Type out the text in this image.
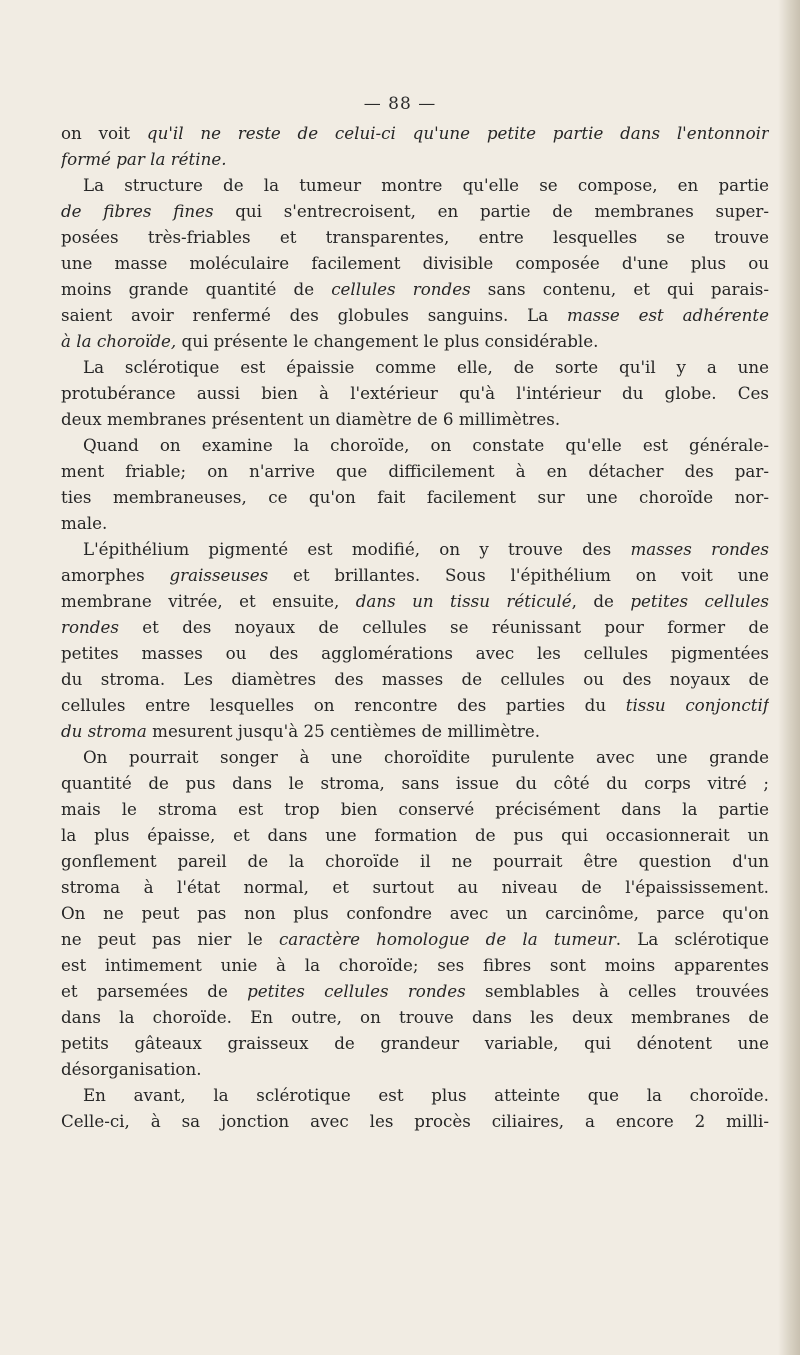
— 88 —
on voit qu'il ne reste de celui-ci qu'une petite partie dans l'entonnoir
formé par la rétine.
La structure de la tumeur montre qu'elle se compose, en partie
de fibres fines qui s'entrecroisent, en partie de membranes super-
posées très-friables et transparentes, entre lesquelles se trouve
une masse moléculaire facilement divisible composée d'une plus ou
moins grande quantité de cellules rondes sans contenu, et qui parais-
saient avoir renfermé des globules sanguins. La masse est adhérente
à la choroïde, qui présente le changement le plus considérable.
La sclérotique est épaissie comme elle, de sorte qu'il y a une
protubérance aussi bien à l'extérieur qu'à l'intérieur du globe. Ces
deux membranes présentent un diamètre de 6 millimètres.
Quand on examine la choroïde, on constate qu'elle est générale-
ment friable; on n'arrive que difficilement à en détacher des par-
ties membraneuses, ce qu'on fait facilement sur une choroïde nor-
male.
L'épithélium pigmenté est modifié, on y trouve des masses rondes
amorphes graisseuses et brillantes. Sous l'épithélium on voit une
membrane vitrée, et ensuite, dans un tissu réticulé, de petites cellules
rondes et des noyaux de cellules se réunissant pour former de
petites masses ou des agglomérations avec les cellules pigmentées
du stroma. Les diamètres des masses de cellules ou des noyaux de
cellules entre lesquelles on rencontre des parties du tissu conjonctif
du stroma mesurent jusqu'à 25 centièmes de millimètre.
On pourrait songer à une choroïdite purulente avec une grande
quantité de pus dans le stroma, sans issue du côté du corps vitré ;
mais le stroma est trop bien conservé précisément dans la partie
la plus épaisse, et dans une formation de pus qui occasionnerait un
gonflement pareil de la choroïde il ne pourrait être question d'un
stroma à l'état normal, et surtout au niveau de l'épaississement.
On ne peut pas non plus confondre avec un carcinôme, parce qu'on
ne peut pas nier le caractère homologue de la tumeur. La sclérotique
est intimement unie à la choroïde; ses fibres sont moins apparentes
et parsemées de petites cellules rondes semblables à celles trouvées
dans la choroïde. En outre, on trouve dans les deux membranes de
petits gâteaux graisseux de grandeur variable, qui dénotent une
désorganisation.
En avant, la sclérotique est plus atteinte que la choroïde.
Celle-ci, à sa jonction avec les procès ciliaires, a encore 2 milli-
